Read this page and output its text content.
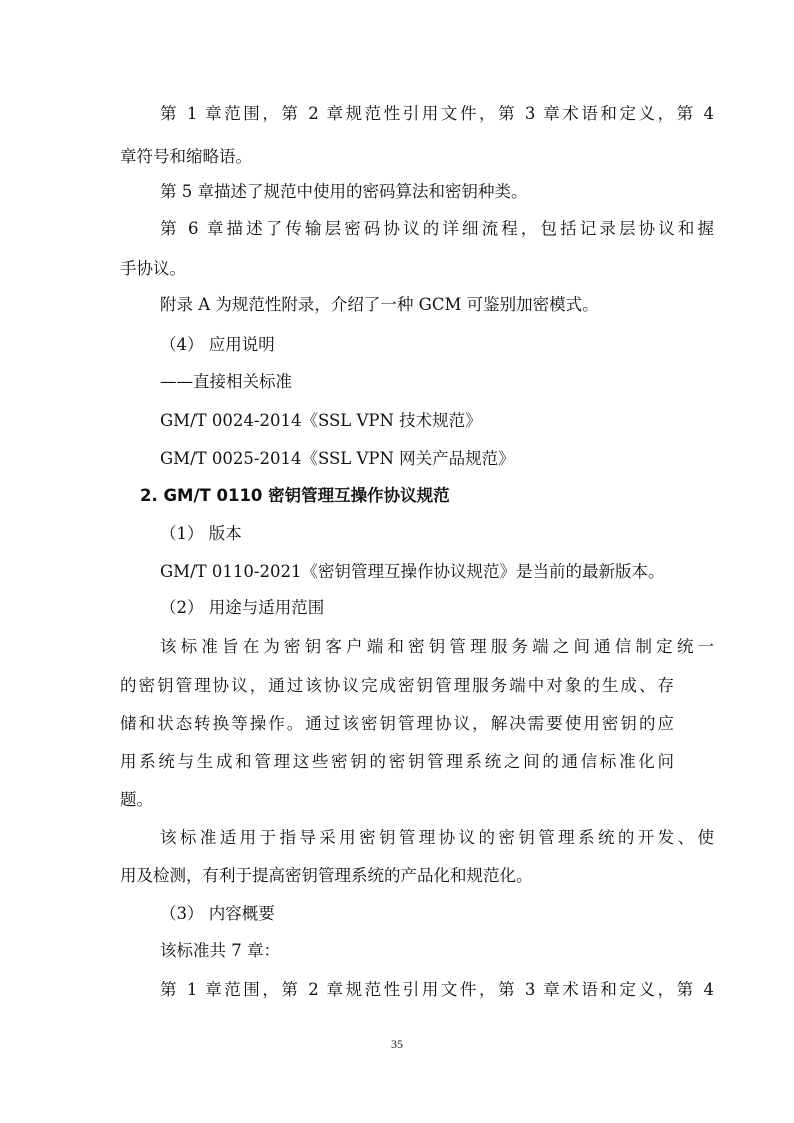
第 1 章范围，第 2 章规范性引用文件，第 3 章术语和定义，第 4
章符号和缩略语。
第 5 章描述了规范中使用的密码算法和密钥种类。
第 6 章描述了传输层密码协议的详细流程，包括记录层协议和握
手协议。
附录 A 为规范性附录，介绍了一种 GCM 可鉴别加密模式。
（4） 应用说明
——直接相关标准
GM/T 0024-2014《SSL VPN 技术规范》
GM/T 0025-2014《SSL VPN 网关产品规范》
2. GM/T 0110 密钥管理互操作协议规范
（1） 版本
GM/T 0110-2021《密钥管理互操作协议规范》是当前的最新版本。
（2） 用途与适用范围
该标准旨在为密钥客户端和密钥管理服务端之间通信制定统一
的密钥管理协议，通过该协议完成密钥管理服务端中对象的生成、存
储和状态转换等操作。通过该密钥管理协议，解决需要使用密钥的应
用系统与生成和管理这些密钥的密钥管理系统之间的通信标准化问
题。
该标准适用于指导采用密钥管理协议的密钥管理系统的开发、使
用及检测，有利于提高密钥管理系统的产品化和规范化。
（3） 内容概要
该标准共 7 章：
第 1 章范围，第 2 章规范性引用文件，第 3 章术语和定义，第 4
35
